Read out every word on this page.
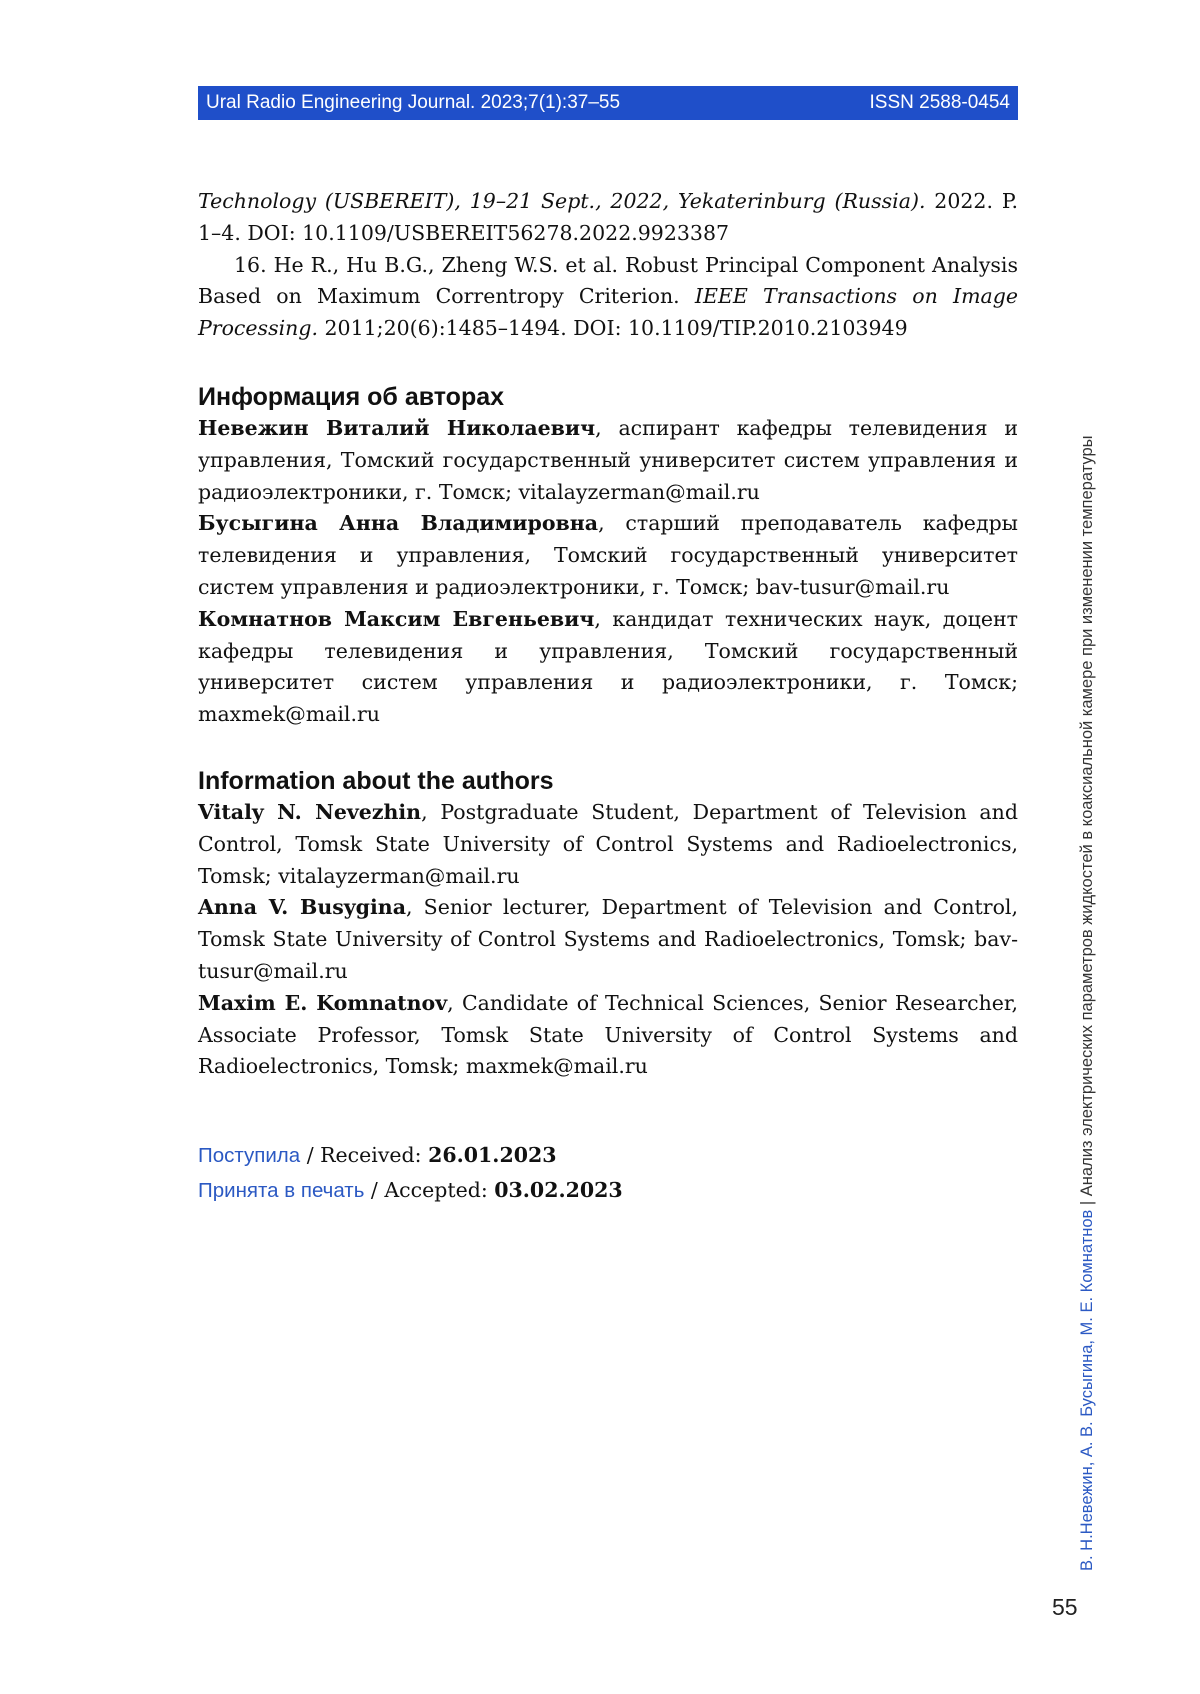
Ural Radio Engineering Journal. 2023;7(1):37–55	ISSN 2588-0454

Technology (USBEREIT), 19–21 Sept., 2022, Yekaterinburg (Russia). 2022. P. 1–4. DOI: 10.1109/USBEREIT56278.2022.9923387

16. He R., Hu B.G., Zheng W.S. et al. Robust Principal Component Analysis Based on Maximum Correntropy Criterion. IEEE Transactions on Image Processing. 2011;20(6):1485–1494. DOI: 10.1109/TIP.2010.2103949

Информация об авторах

Невежин Виталий Николаевич, аспирант кафедры телевидения и управления, Томский государственный университет систем управления и радиоэлектроники, г. Томск; vitalayzerman@mail.ru

Бусыгина Анна Владимировна, старший преподаватель кафедры телевидения и управления, Томский государственный университет систем управления и радиоэлектроники, г. Томск; bav-tusur@mail.ru

Комнатнов Максим Евгеньевич, кандидат технических наук, доцент кафедры телевидения и управления, Томский государственный университет систем управления и радиоэлектроники, г. Томск; maxmek@mail.ru

Information about the authors

Vitaly N. Nevezhin, Postgraduate Student, Department of Television and Control, Tomsk State University of Control Systems and Radioelectronics, Tomsk; vitalayzerman@mail.ru

Anna V. Busygina, Senior lecturer, Department of Television and Control, Tomsk State University of Control Systems and Radioelectronics, Tomsk; bav-tusur@mail.ru

Maxim E. Komnatnov, Candidate of Technical Sciences, Senior Researcher, Associate Professor, Tomsk State University of Control Systems and Radioelectronics, Tomsk; maxmek@mail.ru

Поступила / Received: 26.01.2023
Принята в печать / Accepted: 03.02.2023
В. Н.Невежин, А. В. Бусыгина, М. Е. Комнатнов | Анализ электрических параметров жидкостей в коаксиальной камере при изменении температуры
55
